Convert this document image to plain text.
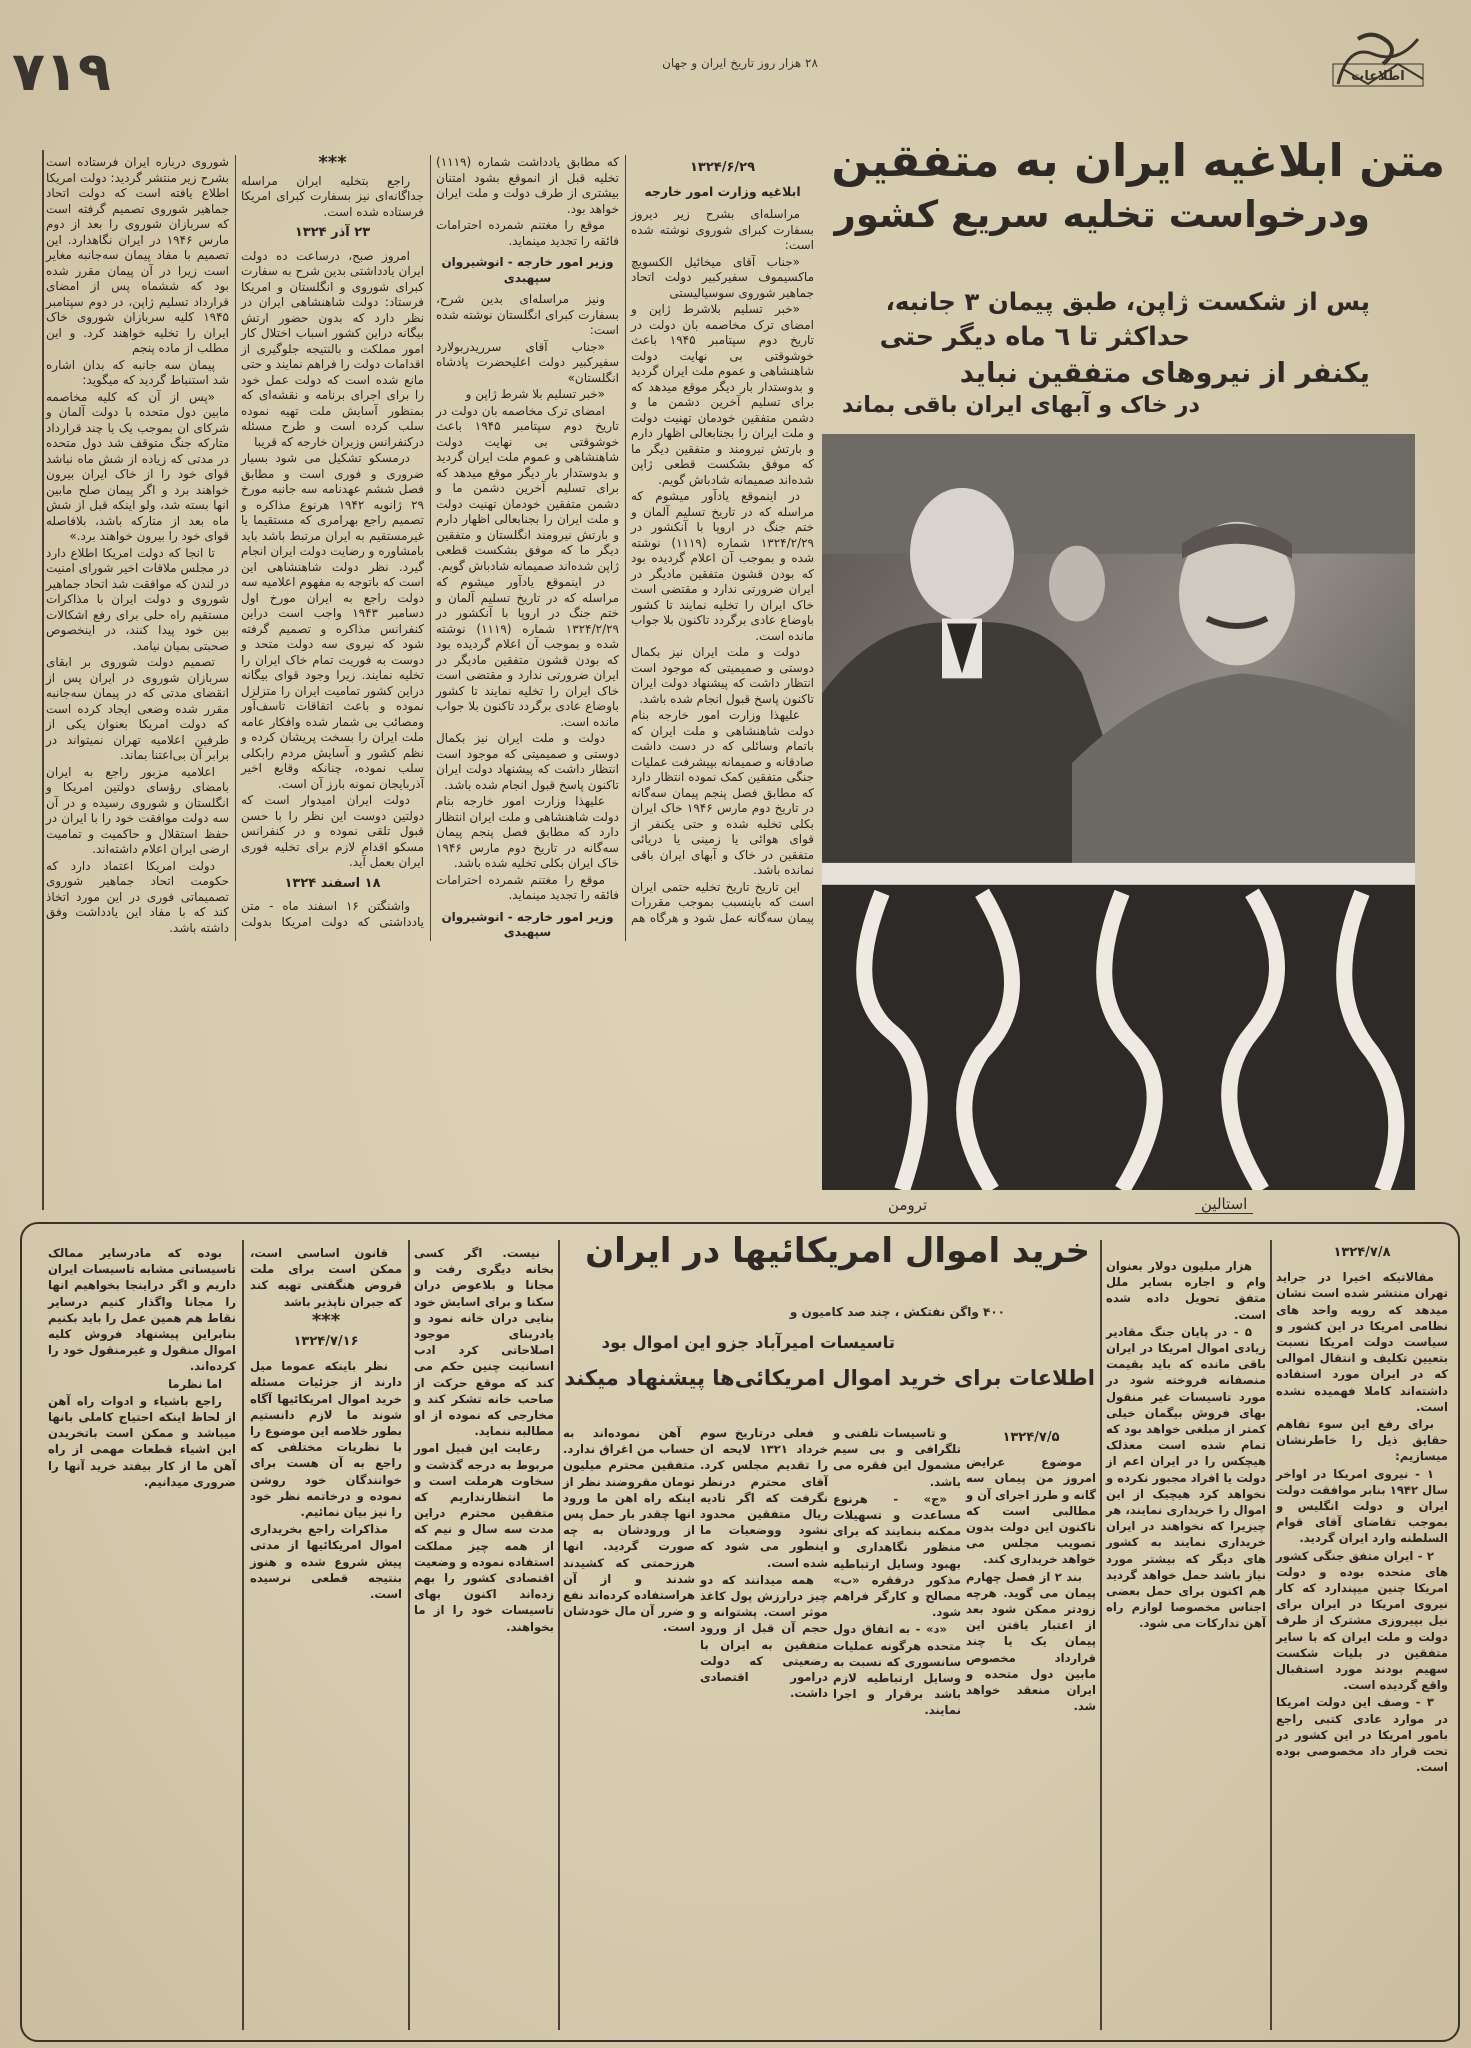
۷۱۹	۲۸ هزار روز تاریخ ایران و جهان
اطلاعات

۱۳۲۴/۶/۲۹

ابلاغیه وزارت امور خارجه

مراسله‌ای بشرح زیر دیروز بسفارت کبرای شوروی نوشته شده است:

«جناب آقای میخائیل الکسویچ ماکسیموف سفیرکبیر دولت اتحاد جماهیر شوروی سوسیالیستی

«خبر تسلیم بلاشرط ژاپن و امضای ترک مخاصمه بان دولت در تاریخ دوم سپتامبر ۱۹۴۵ باعث خوشوقتی بی نهایت دولت شاهنشاهی و عموم ملت ایران گردید و بدوستدار بار دیگر موقع میدهد که برای تسلیم آخرین دشمن ما و دشمن متفقین خودمان تهنیت دولت و ملت ایران را بجنابعالی اظهار دارم و بارتش نیرومند و متفقین دیگر ما که موفق بشکست قطعی ژاپن شده‌اند صمیمانه شادباش گویم.

در اینموقع یادآور میشوم که مراسله که در تاریخ تسلیم آلمان و ختم جنگ در اروپا با آنکشور در ۱۳۲۴/۲/۲۹ شماره (۱۱۱۹) نوشته شده و بموجب آن اعلام گردیده بود که بودن قشون متفقین مادیگر در ایران ضرورتی ندارد و مقتضی است خاک ایران را تخلیه نمایند تا کشور باوضاع عادی برگردد تاکنون بلا جواب مانده است.

دولت و ملت ایران نیز بکمال دوستی و صمیمیتی که موجود است انتظار داشت که پیشنهاد دولت ایران تاکنون پاسخ قبول انجام شده باشد.

علیهذا وزارت امور خارجه بنام دولت شاهنشاهی و ملت ایران که باتمام وسائلی که در دست داشت صادقانه و صمیمانه بپیشرفت عملیات جنگی متفقین کمک نموده انتظار دارد که مطابق فصل پنجم پیمان سه‌گانه در تاریخ دوم مارس ۱۹۴۶ خاک ایران بکلی تخلیه شده و حتی یکنفر از قوای هوائی یا زمینی یا دریائی متفقین در خاک و آبهای ایران باقی نمانده باشد.

این تاریخ تاریخ تخلیه حتمی ایران است که باینسبب بموجب مقررات پیمان سه‌گانه عمل شود و هرگاه هم که مطابق یادداشت شماره (۱۱۱۹) تخلیه قبل از انموقع بشود امتنان بیشتری از طرف دولت و ملت ایران خواهد بود.

موقع را مغتنم شمرده احترامات فائقه را تجدید مینماید.

وزیر امور خارجه - انوشیروان سپهبدی

ونیز مراسله‌ای بدین شرح، بسفارت کبرای انگلستان نوشته شده است:

«جناب آقای سرریدربولارد سفیرکبیر دولت اعلیحضرت پادشاه انگلستان»

«خبر تسلیم بلا شرط ژاپن و

امضای ترک مخاصمه بان دولت در تاریخ دوم سپتامبر ۱۹۴۵ باعث خوشوقتی بی نهایت دولت شاهنشاهی و عموم ملت ایران گردید و بدوستدار بار دیگر موقع میدهد که برای تسلیم آخرین دشمن ما و دشمن متفقین خودمان تهنیت دولت و ملت ایران را بجنابعالی اظهار دارم و بارتش نیرومند انگلستان و متفقین دیگر ما که موفق بشکست قطعی ژاپن شده‌اند صمیمانه شادباش گویم.

در اینموقع یادآور میشوم که مراسله که در تاریخ تسلیم آلمان و ختم جنگ در اروپا با آنکشور در ۱۳۲۴/۲/۲۹ شماره (۱۱۱۹) نوشته شده و بموجب آن اعلام گردیده بود که بودن قشون متفقین مادیگر در ایران ضرورتی ندارد و مقتضی است خاک ایران را تخلیه نمایند تا کشور باوضاع عادی برگردد تاکنون بلا جواب مانده است.

دولت و ملت ایران نیز بکمال دوستی و صمیمیتی که موجود است انتظار داشت که پیشنهاد دولت ایران تاکنون پاسخ قبول انجام شده باشد.

علیهذا وزارت امور خارجه بنام دولت شاهنشاهی و ملت ایران انتظار دارد که مطابق فصل پنجم پیمان سه‌گانه در تاریخ دوم مارس ۱۹۴۶ خاک ایران بکلی تخلیه شده باشد.

موقع را مغتنم شمرده احترامات فائقه را تجدید مینماید.

وزیر امور خارجه - انوشیروان سپهبدی

***

راجع بتخلیه ایران مراسله جداگانه‌ای نیز بسفارت کبرای امریکا فرستاده شده است.

۲۳ آذر ۱۳۲۴

امروز صبح، درساعت ده دولت ایران یادداشتی بدین شرح به سفارت کبرای شوروی و انگلستان و امریکا فرستاد: دولت شاهنشاهی ایران در نظر دارد که بدون حضور ارتش بیگانه دراین کشور اسباب اختلال کار امور مملکت و بالنتیجه جلوگیری از اقدامات دولت را فراهم نمایند و حتی مانع شده است که دولت عمل خود را برای اجرای برنامه و نقشه‌ای که بمنظور آسایش ملت تهیه نموده سلب کرده است و طرح مسئله درکنفرانس وزیران خارجه که قریبا

درمسکو تشکیل می شود بسیار ضروری و فوری است و مطابق فصل ششم عهدنامه سه جانبه مورخ ۲۹ ژانویه ۱۹۴۲ هرنوع مذاکره و تصمیم راجع بهرامری که مستقیما یا غیرمستقیم به ایران مرتبط باشد باید بامشاوره و رضایت دولت ایران انجام گیرد. نظر دولت شاهنشاهی این است که باتوجه به مفهوم اعلامیه سه دولت راجع به ایران مورخ اول دسامبر ۱۹۴۳ واجب است دراین کنفرانس مذاکره و تصمیم گرفته شود که نیروی سه دولت متحد و دوست به فوریت تمام خاک ایران را تخلیه نمایند. زیرا وجود قوای بیگانه دراین کشور تمامیت ایران را متزلزل نموده و باعث اتفاقات تاسف‌آور ومصائب بی شمار شده وافکار عامه ملت ایران را بسخت پریشان کرده و نظم کشور و آسایش مردم رابکلی سلب نموده، چنانکه وقایع اخیر آذربایجان نمونه بارز آن است.

دولت ایران امیدوار است که دولتین دوست این نظر را با حسن قبول تلقی نموده و در کنفرانس مسکو اقدام لازم برای تخلیه فوری ایران بعمل آید.

۱۸ اسفند ۱۳۲۴

واشنگتن ۱۶ اسفند ماه - متن یادداشتی که دولت امریکا بدولت شوروی درباره ایران فرستاده است بشرح زیر منتشر گردید: دولت امریکا اطلاع یافته است که دولت اتحاد جماهیر شوروی تصمیم گرفته است که سربازان شوروی را بعد از دوم مارس ۱۹۴۶ در ایران نگاهدارد. این تصمیم با مفاد پیمان سه‌جانبه مغایر است زیرا در آن پیمان مقرر شده بود که ششماه پس از امضای قرارداد تسلیم ژاپن، در دوم سپتامبر ۱۹۴۵ کلیه سربازان شوروی خاک ایران را تخلیه خواهند کرد. و این مطلب از ماده پنجم

پیمان سه جانبه که بدان اشاره شد استنباط گردید که میگوید:

«پس از آن که کلیه مخاصمه مابین دول متحده با دولت آلمان و شرکای ان بموجب یک یا چند قرارداد متارکه جنگ متوقف شد دول متحده در مدتی که زیاده از شش ماه نباشد قوای خود را از خاک ایران بیرون خواهند برد و اگر پیمان صلح مابین انها بسته شد، ولو اینکه قبل از شش ماه بعد از متارکه باشد، بلافاصله قوای خود را بیرون خواهند برد.»

تا انجا که دولت امریکا اطلاع دارد در مجلس ملاقات اخیر شورای امنیت در لندن که موافقت شد اتحاد جماهیر شوروی و دولت ایران با مذاکرات مستقیم راه حلی برای رفع اشکالات بین خود پیدا کنند، در اینخصوص صحبتی بمیان نیامد.

تصمیم دولت شوروی بر ابقای سربازان شوروی در ایران پس از انقضای مدتی که در پیمان سه‌جانبه مقرر شده وضعی ایجاد کرده است که دولت امریکا بعنوان یکی از طرفین اعلامیه تهران نمیتواند در برابر آن بی‌اعتنا بماند.

اعلامیه مزبور راجع به ایران بامضای رؤسای دولتین امریکا و انگلستان و شوروی رسیده و در آن سه دولت موافقت خود را با ایران در حفظ استقلال و حاکمیت و تمامیت ارضی ایران اعلام داشته‌اند.

دولت امریکا اعتماد دارد که حکومت اتحاد جماهیر شوروی تصمیماتی فوری در این مورد اتخاذ کند که با مفاد این یادداشت وفق داشته باشد.

متن ابلاغیه ایران به متفقین
ودرخواست تخلیه سریع کشور
پس از شکست ژاپن، طبق پیمان ۳ جانبه،
حداکثر تا ٦ ماه دیگر حتی
یکنفر از نیروهای متفقین نباید
در خاک و آبهای ایران باقی بماند
استالین
ترومن
خرید اموال امریکائیها در ایران
۴۰۰ واگن نفتکش ، چند صد کامیون و
تاسیسات امیرآباد جزو این اموال بود
اطلاعات برای خرید اموال امریکائی‌ها پیشنهاد میکند

بوده که مادرسایر ممالک تاسیساتی مشابه تاسیسات ایران داریم و اگر دراینجا بخواهیم انها را مجانا واگذار کنیم درسایر نقاط هم همین عمل را باید بکنیم بنابراین پیشنهاد فروش کلیه اموال منقول و غیرمنقول خود را کرده‌اند.

اما نظرما

راجع باشیاء و ادوات راه آهن از لحاظ اینکه احتیاج کاملی بانها میباشد و ممکن است باتخریدن این اشیاء قطعات مهمی از راه آهن ما از کار بیفتد خرید آنها را ضروری میدانیم.

قانون اساسی است، ممکن است برای ملت قروض هنگفتی تهیه کند که جبران ناپذیر باشد

***

۱۳۲۴/۷/۱۶

نظر باینکه عموما میل دارند از جزئیات مسئله خرید اموال امریکائیها آگاه شوند ما لازم دانستیم بطور خلاصه این موضوع را با نظریات مختلفی که راجع به آن هست برای خوانندگان خود روشن نموده و درخاتمه نظر خود را نیز بیان نمائیم.

مذاکرات راجع بخریداری اموال امریکائیها از مدتی پیش شروع شده و هنوز بنتیجه قطعی نرسیده است.

نیست. اگر کسی بخانه دیگری رفت و مجانا و بلاعوض دران سکنا و برای اسایش خود بنایی دران خانه نمود و یادربنای موجود اصلاحاتی کرد ادب انسانیت چنین حکم می کند که موقع حرکت از صاحب خانه تشکر کند و مخارجی که نموده از او مطالبه ننماید.

رعایت این قبیل امور مربوط به درجه گذشت و سخاوت هرملت است و ما انتظارنداریم که متفقین محترم دراین مدت سه سال و نیم که از همه چیز مملکت استفاده نموده و وضعیت اقتصادی کشور را بهم زده‌اند اکنون بهای تاسیسات خود را از ما بخواهند.

آهن نموده‌اند به حساب من اغراق ندارد. متفقین محترم میلیون تومان مقروضند نظر از اینکه راه اهن ما ورود انها چقدر بار حمل پس از ورودشان به چه صورت گردید. انها هرزحمتی که کشیدند شدند و از آن هراستفاده کرده‌اند نفع و ضرر آن مال خودشان است.

فعلی درتاریخ سوم خرداد ۱۳۲۱ لایحه ان را تقدیم مجلس کرد. آقای محترم درنظر نگرفت که اگر تادیه ریال متفقین محدود نشود ووضعیات ما اینطور می شود که شده است.

همه میدانند که دو چیز درارزش پول کاغذ موثر است. پشتوانه و حجم آن قبل از ورود متفقین به ایران با رضعیتی که دولت درامور اقتصادی داشت.

و تاسیسات تلفنی و تلگرافی و بی سیم مشمول این فقره می باشد.

«ج» - هرنوع مساعدت و تسهیلات ممکنه بنمایند که برای منظور نگاهداری و بهبود وسایل ارتباطیه مذکور درفقره «ب» مصالح و کارگر فراهم شود.

«د» - به اتفاق دول متحده هرگونه عملیات سانسوری که نسبت به وسایل ارتباطیه لازم باشد برقرار و اجرا نمایند.

۱۳۲۴/۷/۵

موضوع عرایض امروز من پیمان سه گانه و طرز اجرای آن و مطالبی است که تاکنون این دولت بدون تصویب مجلس می خواهد خریداری کند.

بند ۲ از فصل چهارم پیمان می گوید. هرچه زودتر ممکن شود بعد از اعتبار یافتن این پیمان یک یا چند قرارداد مخصوص مابین دول متحده و ایران منعقد خواهد شد.

هزار میلیون دولار بعنوان وام و اجاره بسایر ملل متفق تحویل داده شده است.

۵ - در پایان جنگ مقادیر زیادی اموال امریکا در ایران باقی مانده که باید بقیمت منصفانه فروخته شود در مورد تاسیسات غیر منقول بهای فروش بیگمان خیلی کمتر از مبلغی خواهد بود که تمام شده است معذلک هیچکس را در ایران اعم از دولت یا افراد مجبور نکرده و نخواهد کرد هیچیک از این اموال را خریداری نمایند، هر چیزیرا که نخواهند در ایران خریداری نمایند به کشور های دیگر که بیشتر مورد نیاز باشد حمل خواهد گردید هم اکنون برای حمل بعضی اجناس مخصوصا لوازم راه آهن تدارکات می شود.

۱۳۲۴/۷/۸

مقالاتیکه اخیرا در جراید تهران منتشر شده است نشان میدهد که رویه واحد های نظامی امریکا در این کشور و سیاست دولت امریکا نسبت بتعیین تکلیف و انتقال اموالی که در ایران مورد استفاده داشته‌اند کاملا فهمیده نشده است.

برای رفع این سوء تفاهم حقایق ذیل را خاطرنشان میسازیم:

۱ - نیروی امریکا در اواخر سال ۱۹۴۲ بنابر موافقت دولت ایران و دولت انگلیس و بموجب تقاضای آقای قوام السلطنه وارد ایران گردید.

۲ - ایران متفق جنگی کشور های متحده بوده و دولت امریکا چنین میپندارد که کار نیروی امریکا در ایران برای نیل بپیروزی مشترک از طرف دولت و ملت ایران که با سایر متفقین در بلیات شکست سهیم بودند مورد استقبال واقع گردیده است.

۳ - وصف این دولت امریکا در موارد عادی کتبی راجع بامور امریکا در این کشور در تحت قرار داد مخصوصی بوده است.
